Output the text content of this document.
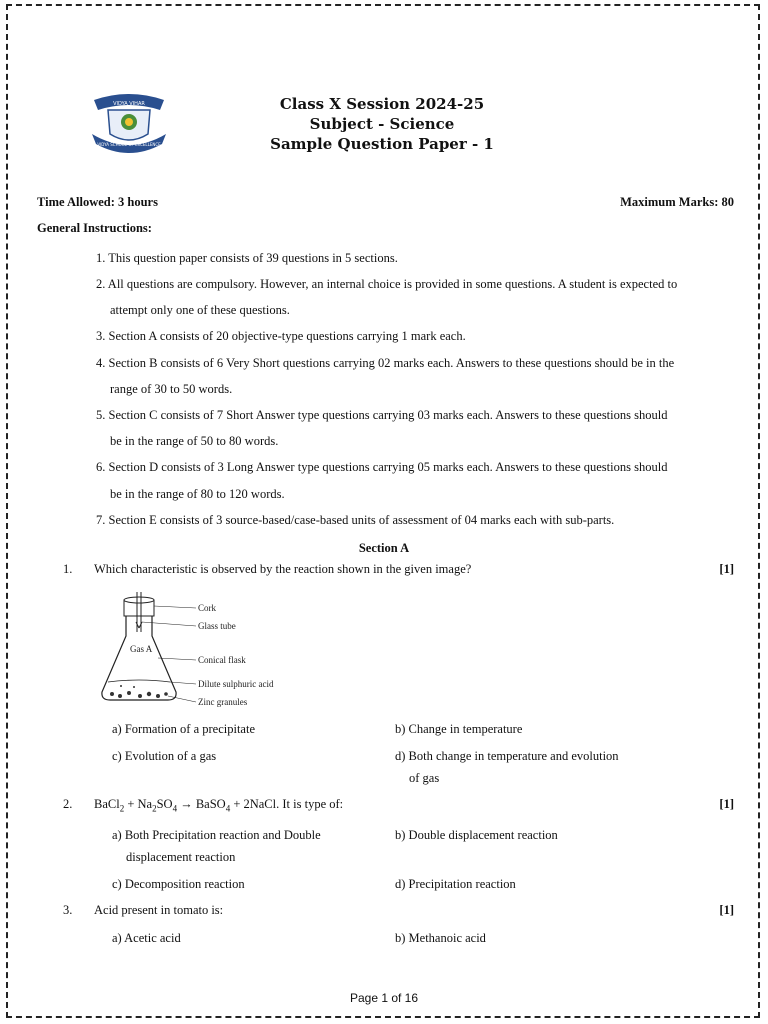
VIDYA VIHAR
VIDYA SCHOOL OF EXCELLENCE
Class X Session 2024-25
Subject - Science
Sample Question Paper - 1
Time Allowed: 3 hours	Maximum Marks: 80
General Instructions:
1. This question paper consists of 39 questions in 5 sections.
2. All questions are compulsory. However, an internal choice is provided in some questions. A student is expected to
attempt only one of these questions.
3. Section A consists of 20 objective-type questions carrying 1 mark each.
4. Section B consists of 6 Very Short questions carrying 02 marks each. Answers to these questions should be in the
range of 30 to 50 words.
5. Section C consists of 7 Short Answer type questions carrying 03 marks each. Answers to these questions should
be in the range of 50 to 80 words.
6. Section D consists of 3 Long Answer type questions carrying 05 marks each. Answers to these questions should
be in the range of 80 to 120 words.
7. Section E consists of 3 source-based/case-based units of assessment of 04 marks each with sub-parts.
Section A
1. Which characteristic is observed by the reaction shown in the given image?	[1]
Cork
Glass tube
Gas A
Conical flask
Dilute sulphuric acid
Zinc granules
a) Formation of a precipitate	b) Change in temperature
c) Evolution of a gas	d) Both change in temperature and evolution
of gas
2. BaCl$_2$ + $Na_2SO_4$ → BaSO$_4$ + 2NaCl. It is type of:	[1]
a) Both Precipitation reaction and Double
displacement reaction
b) Double displacement reaction
c) Decomposition reaction	d) Precipitation reaction
3. Acid present in tomato is:	[1]
a) Acetic acid	b) Methanoic acid
Page 1 of 16
